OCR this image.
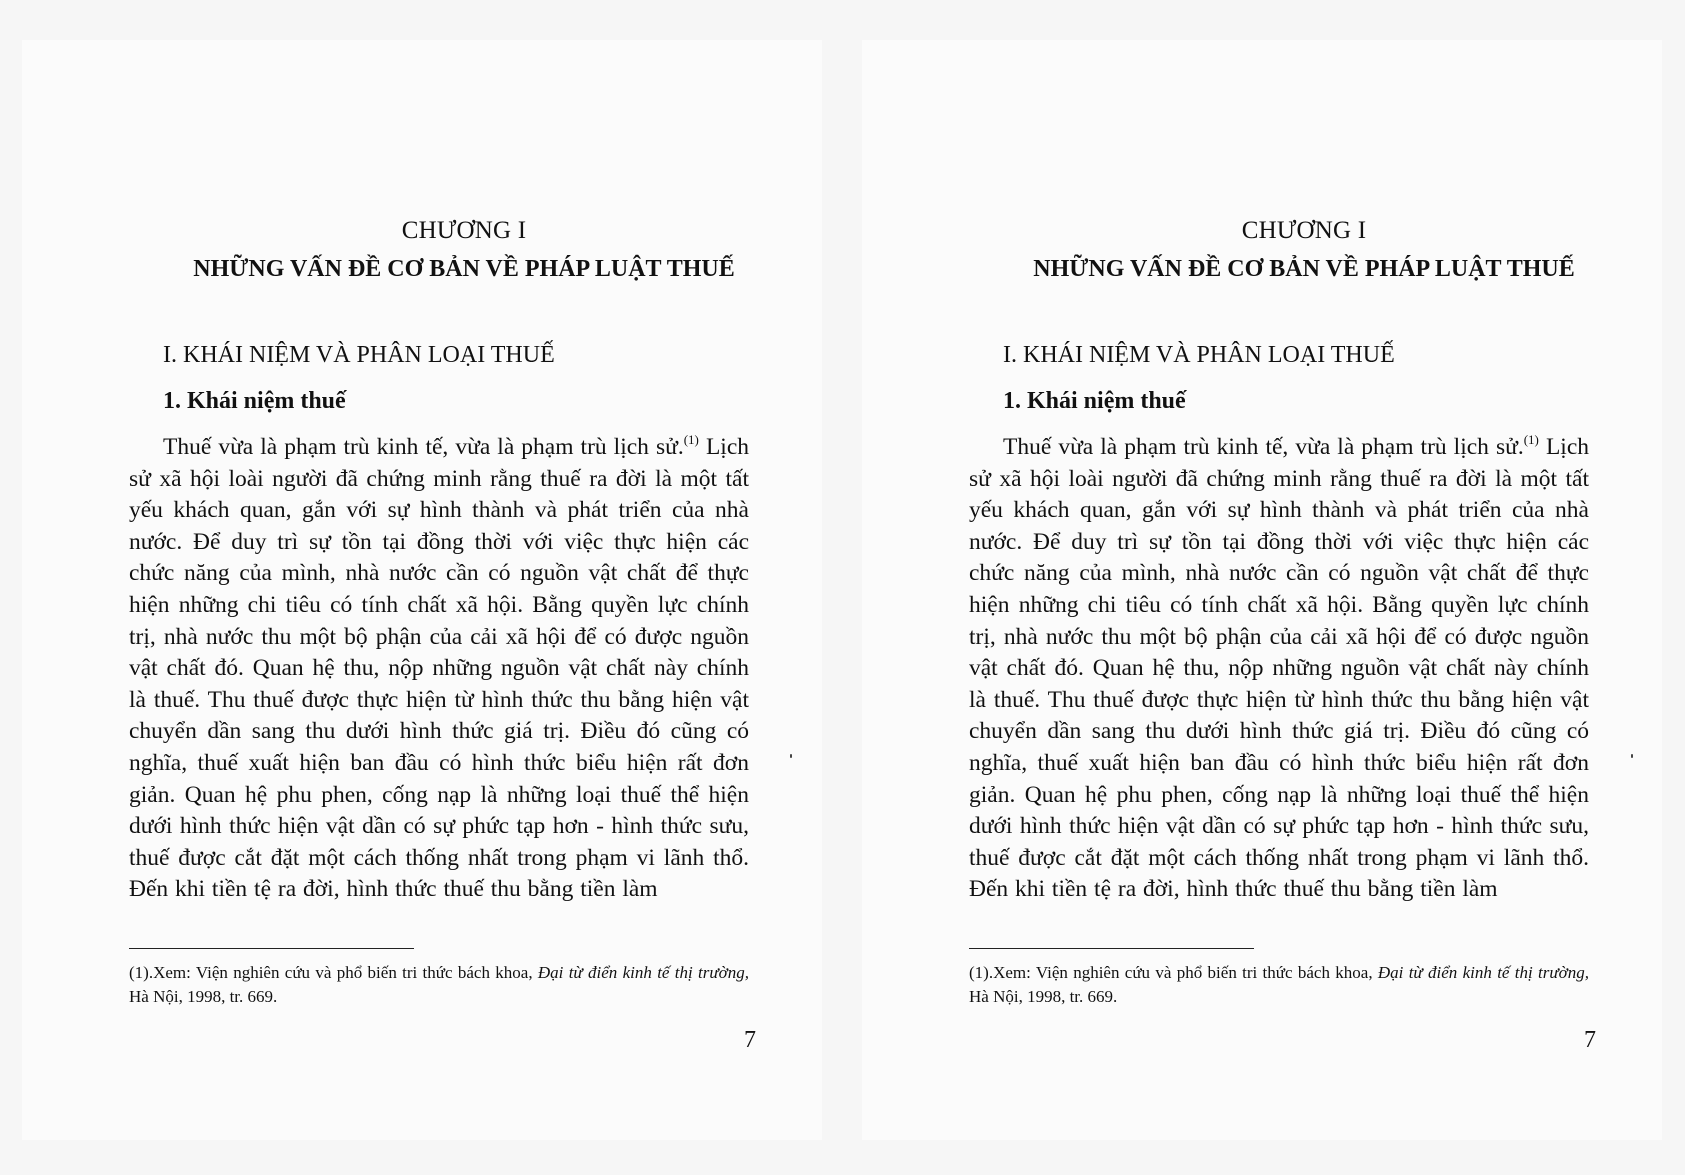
CHƯƠNG I
NHỮNG VẤN ĐỀ CƠ BẢN VỀ PHÁP LUẬT THUẾ
I. KHÁI NIỆM VÀ PHÂN LOẠI THUẾ
1. Khái niệm thuế

Thuế vừa là phạm trù kinh tế, vừa là phạm trù lịch sử.$^{(1)}$ Lịch sử xã hội loài người đã chứng minh rằng thuế ra đời là một tất yếu khách quan, gắn với sự hình thành và phát triển của nhà nước. Để duy trì sự tồn tại đồng thời với việc thực hiện các chức năng của mình, nhà nước cần có nguồn vật chất để thực hiện những chi tiêu có tính chất xã hội. Bằng quyền lực chính trị, nhà nước thu một bộ phận của cải xã hội để có được nguồn vật chất đó. Quan hệ thu, nộp những nguồn vật chất này chính là thuế. Thu thuế được thực hiện từ hình thức thu bằng hiện vật chuyển dần sang thu dưới hình thức giá trị. Điều đó cũng có nghĩa, thuế xuất hiện ban đầu có hình thức biểu hiện rất đơn giản. Quan hệ phu phen, cống nạp là những loại thuế thể hiện dưới hình thức hiện vật dần có sự phức tạp hơn - hình thức sưu, thuế được cắt đặt một cách thống nhất trong phạm vi lãnh thổ. Đến khi tiền tệ ra đời, hình thức thuế thu bằng tiền làm

(1).Xem: Viện nghiên cứu và phổ biến tri thức bách khoa, Đại từ điển kinh tế thị trường, Hà Nội, 1998, tr. 669.

7
CHƯƠNG I
NHỮNG VẤN ĐỀ CƠ BẢN VỀ PHÁP LUẬT THUẾ
I. KHÁI NIỆM VÀ PHÂN LOẠI THUẾ
1. Khái niệm thuế

Thuế vừa là phạm trù kinh tế, vừa là phạm trù lịch sử.$^{(1)}$ Lịch sử xã hội loài người đã chứng minh rằng thuế ra đời là một tất yếu khách quan, gắn với sự hình thành và phát triển của nhà nước. Để duy trì sự tồn tại đồng thời với việc thực hiện các chức năng của mình, nhà nước cần có nguồn vật chất để thực hiện những chi tiêu có tính chất xã hội. Bằng quyền lực chính trị, nhà nước thu một bộ phận của cải xã hội để có được nguồn vật chất đó. Quan hệ thu, nộp những nguồn vật chất này chính là thuế. Thu thuế được thực hiện từ hình thức thu bằng hiện vật chuyển dần sang thu dưới hình thức giá trị. Điều đó cũng có nghĩa, thuế xuất hiện ban đầu có hình thức biểu hiện rất đơn giản. Quan hệ phu phen, cống nạp là những loại thuế thể hiện dưới hình thức hiện vật dần có sự phức tạp hơn - hình thức sưu, thuế được cắt đặt một cách thống nhất trong phạm vi lãnh thổ. Đến khi tiền tệ ra đời, hình thức thuế thu bằng tiền làm

(1).Xem: Viện nghiên cứu và phổ biến tri thức bách khoa, Đại từ điển kinh tế thị trường, Hà Nội, 1998, tr. 669.

7
